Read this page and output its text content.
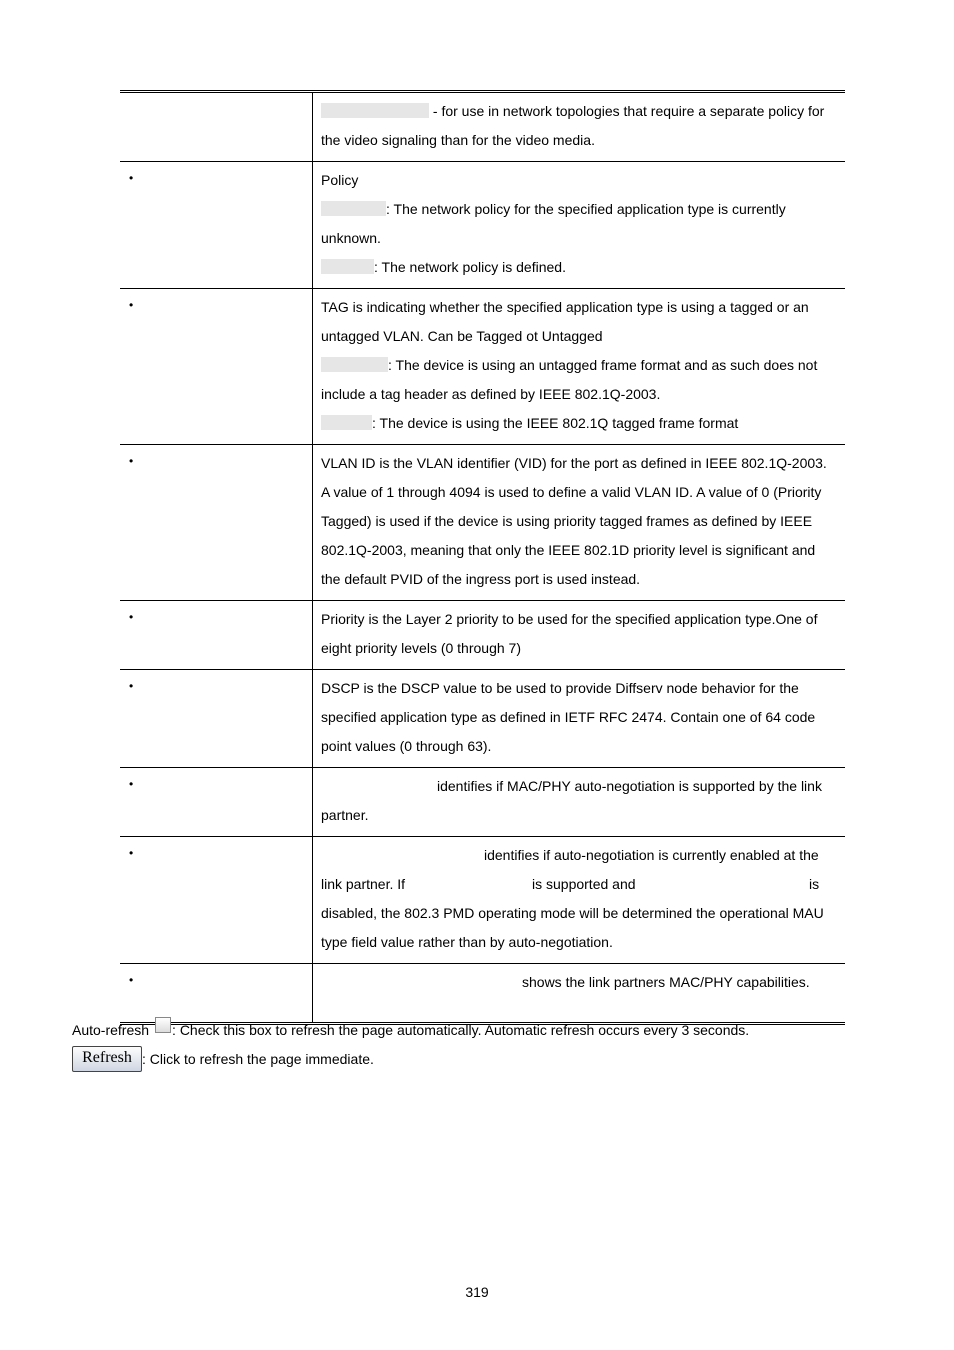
	- for use in network topologies that require a separate policy for the video signaling than for the video media.

•	Policy
: The network policy for the specified application type is currently unknown.
: The network policy is defined.

•	TAG is indicating whether the specified application type is using a tagged or an untagged VLAN. Can be Tagged ot Untagged
: The device is using an untagged frame format and as such does not include a tag header as defined by IEEE 802.1Q-2003.
: The device is using the IEEE 802.1Q tagged frame format

•	VLAN ID is the VLAN identifier (VID) for the port as defined in IEEE 802.1Q-2003. A value of 1 through 4094 is used to define a valid VLAN ID. A value of 0 (Priority Tagged) is used if the device is using priority tagged frames as defined by IEEE 802.1Q-2003, meaning that only the IEEE 802.1D priority level is significant and the default PVID of the ingress port is used instead.

•	Priority is the Layer 2 priority to be used for the specified application type.One of eight priority levels (0 through 7)

•	DSCP is the DSCP value to be used to provide Diffserv node behavior for the specified application type as defined in IETF RFC 2474. Contain one of 64 code point values (0 through 63).

•	identifies if MAC/PHY auto-negotiation is supported by the link partner.

•	identifies if auto-negotiation is currently enabled at the
link partner. If is supported and is
disabled, the 802.3 PMD operating mode will be determined the operational MAU type field value rather than by auto-negotiation.

•	shows the link partners MAC/PHY capabilities.
Auto-refresh : Check this box to refresh the page automatically. Automatic refresh occurs every 3 seconds.
Refresh : Click to refresh the page immediate.
319
